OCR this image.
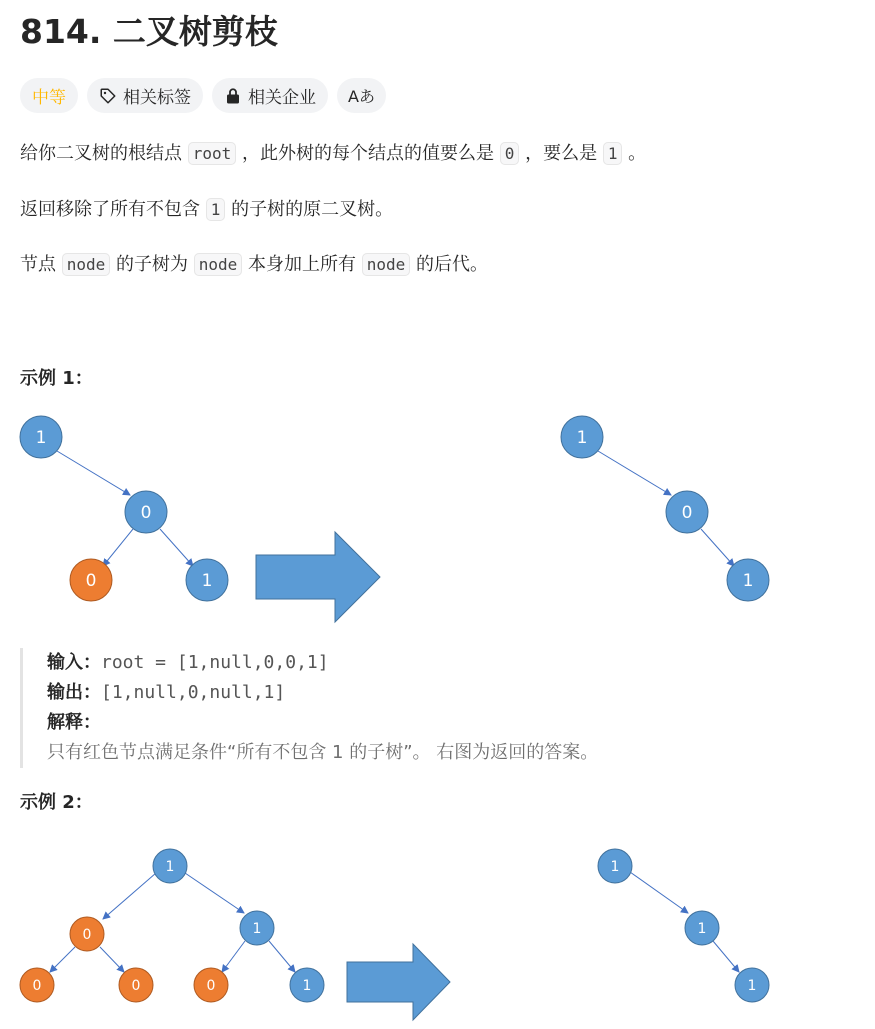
814. 二叉树剪枝
中等	相关标签	相关企业 Aあ

给你二叉树的根结点 root ，此外树的每个结点的值要么是 0 ，要么是 1 。

返回移除了所有不包含 1 的子树的原二叉树。

节点 node 的子树为 node 本身加上所有 node 的后代。

示例 1：
1
0
0	1
1
0
1
输入：root = [1,null,0,0,1]
输出：[1,null,0,null,1]
解释：
只有红色节点满足条件“所有不包含 1 的子树”。 右图为返回的答案。
示例 2：
1
0	1
0	0	0	1
1
1
1
